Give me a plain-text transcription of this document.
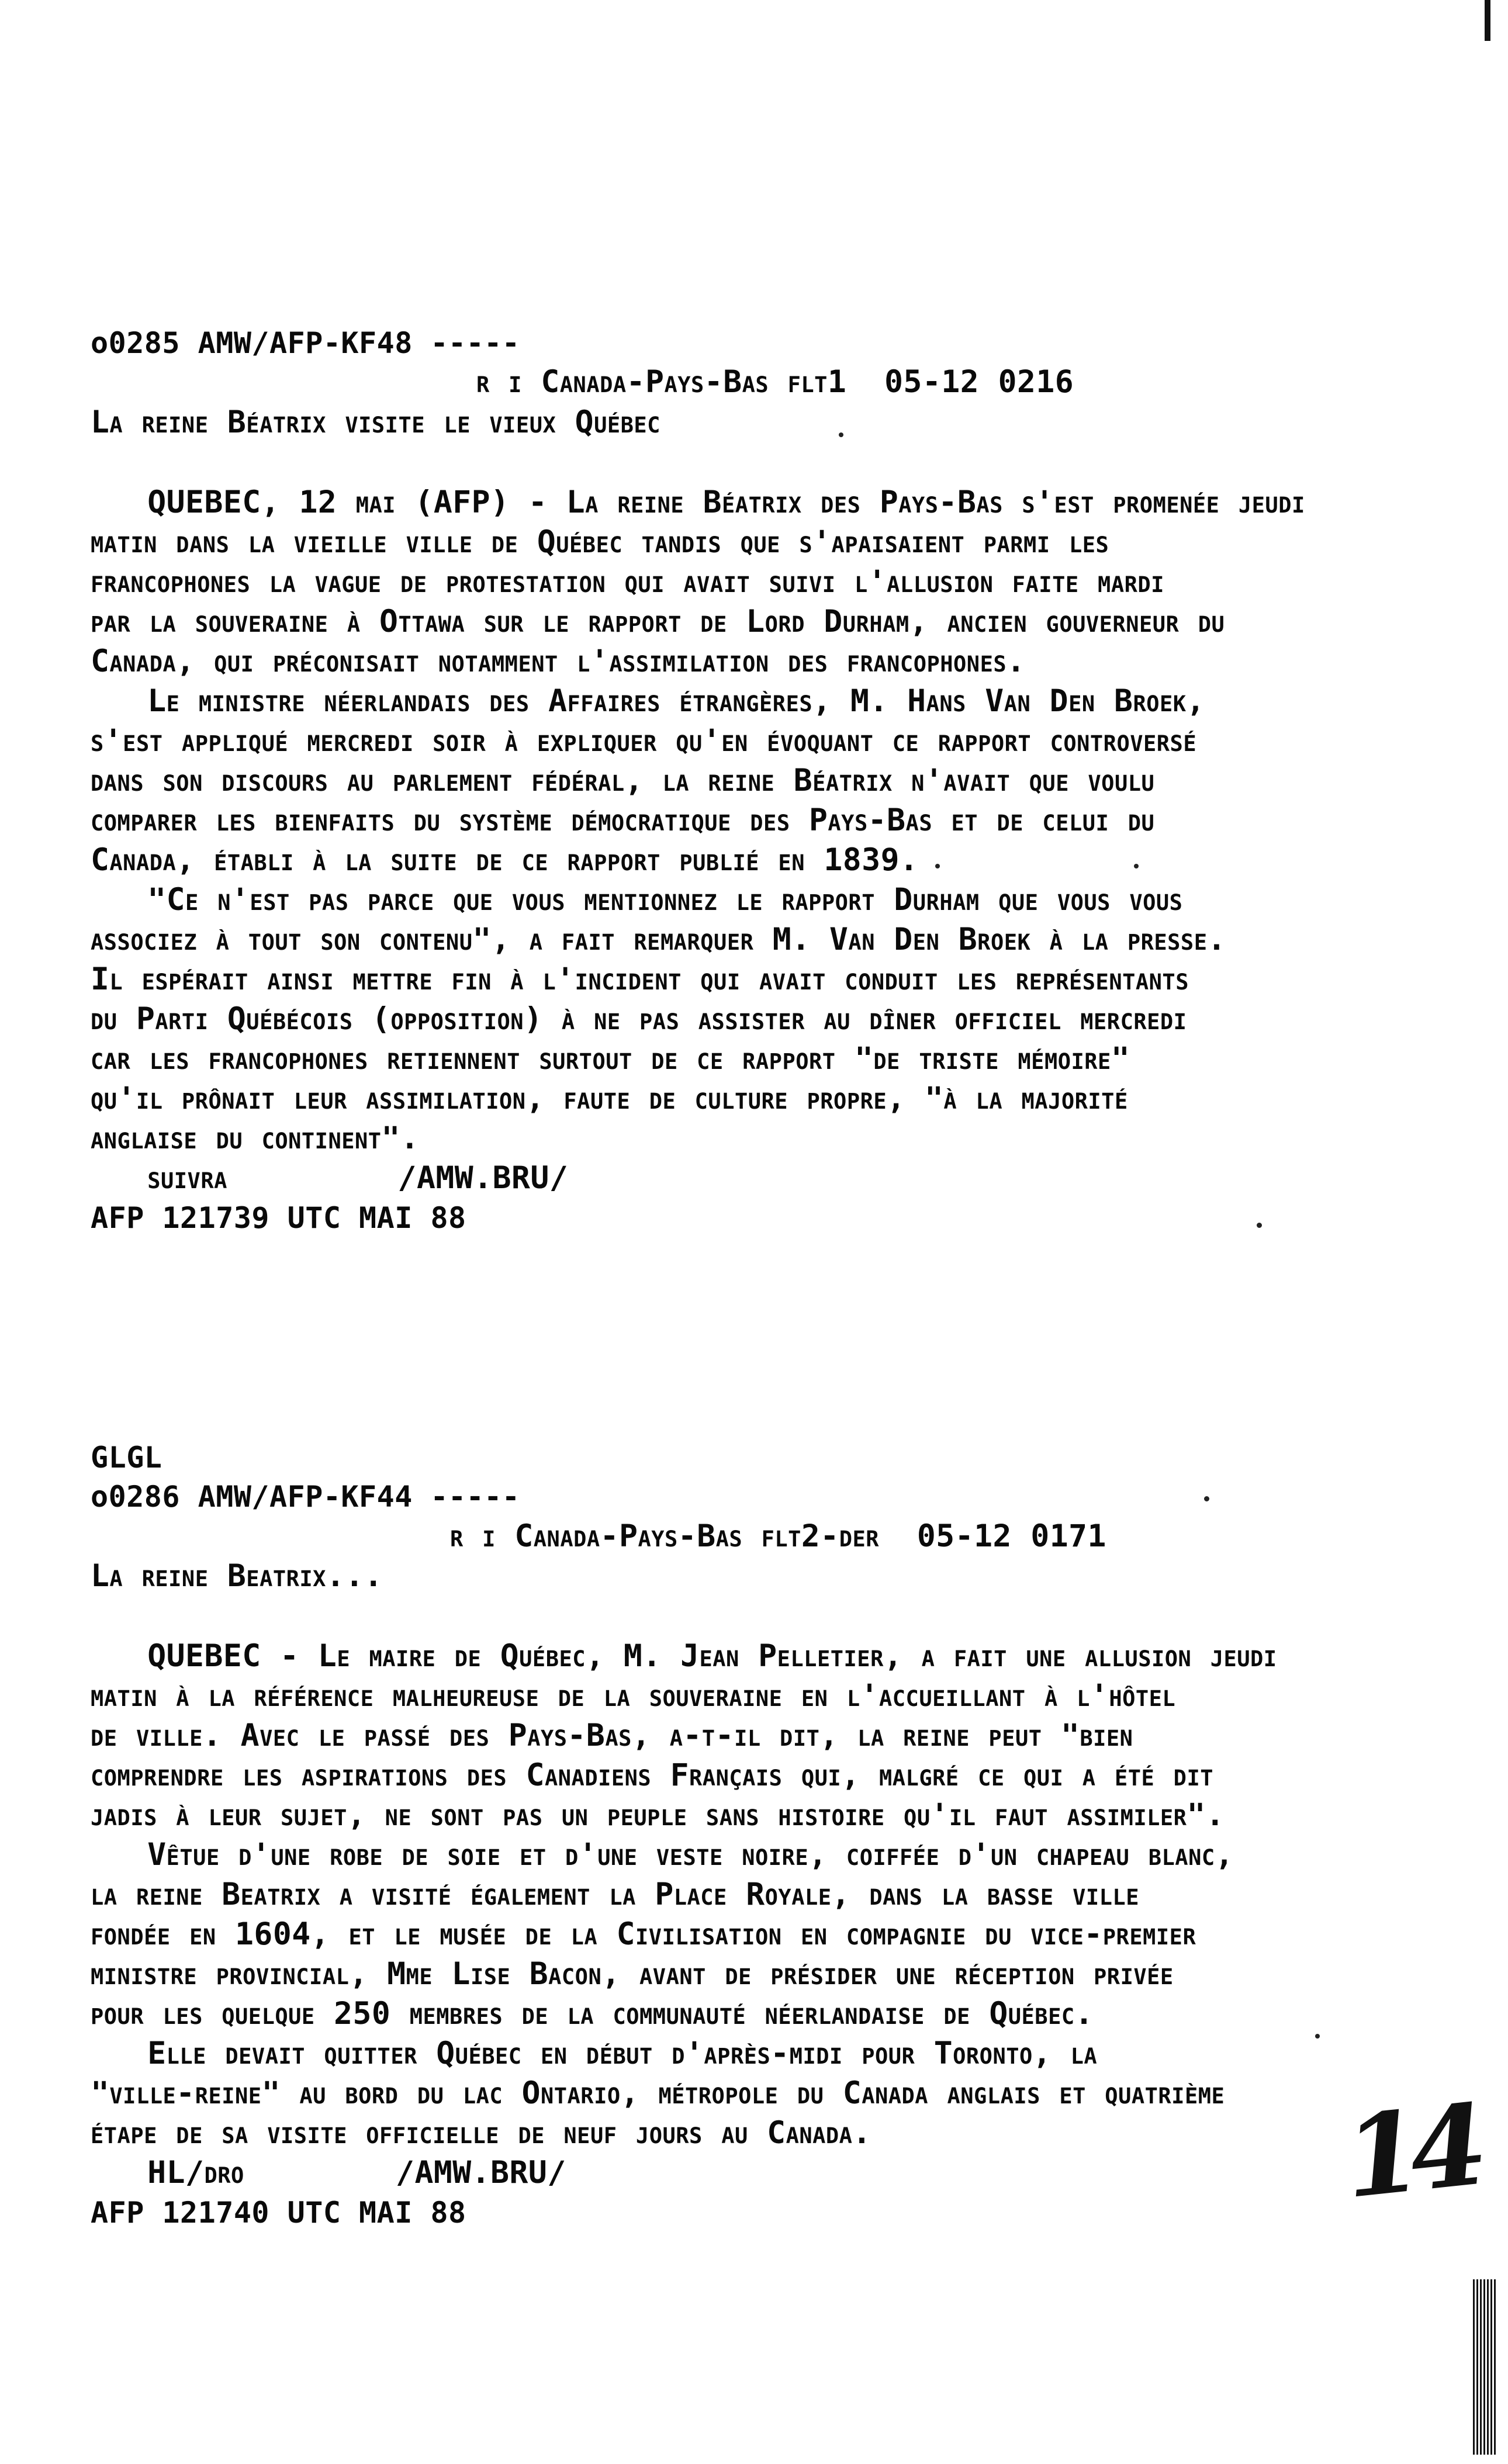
o0285 AMW/AFP-KF48 -----
r i Canada-Pays-Bas flt1  05-12 0216
La reine Béatrix visite le vieux Québec
QUEBEC, 12 mai (AFP) - La reine Béatrix des Pays-Bas s'est promenée jeudi
matin dans la vieille ville de Québec tandis que s'apaisaient parmi les
francophones la vague de protestation qui avait suivi l'allusion faite mardi
par la souveraine à Ottawa sur le rapport de Lord Durham, ancien gouverneur du
Canada, qui préconisait notamment l'assimilation des francophones.
Le ministre néerlandais des Affaires étrangères, M. Hans Van Den Broek,
s'est appliqué mercredi soir à expliquer qu'en évoquant ce rapport controversé
dans son discours au parlement fédéral, la reine Béatrix n'avait que voulu
comparer les bienfaits du système démocratique des Pays-Bas et de celui du
Canada, établi à la suite de ce rapport publié en 1839.
"Ce n'est pas parce que vous mentionnez le rapport Durham que vous vous
associez à tout son contenu", a fait remarquer M. Van Den Broek à la presse.
Il espérait ainsi mettre fin à l'incident qui avait conduit les représentants
du Parti Québécois (opposition) à ne pas assister au dîner officiel mercredi
car les francophones retiennent surtout de ce rapport "de triste mémoire"
qu'il prônait leur assimilation, faute de culture propre, "à la majorité
anglaise du continent".
suivra         /AMW.BRU/
AFP 121739 UTC MAI 88
GLGL
o0286 AMW/AFP-KF44 -----
r i Canada-Pays-Bas flt2-der  05-12 0171
La reine Beatrix...
QUEBEC - Le maire de Québec, M. Jean Pelletier, a fait une allusion jeudi
matin à la référence malheureuse de la souveraine en l'accueillant à l'hôtel
de ville. Avec le passé des Pays-Bas, a-t-il dit, la reine peut "bien
comprendre les aspirations des Canadiens Français qui, malgré ce qui a été dit
jadis à leur sujet, ne sont pas un peuple sans histoire qu'il faut assimiler".
Vêtue d'une robe de soie et d'une veste noire, coiffée d'un chapeau blanc,
la reine Beatrix a visité également la Place Royale, dans la basse ville
fondée en 1604, et le musée de la Civilisation en compagnie du vice-premier
ministre provincial, Mme Lise Bacon, avant de présider une réception privée
pour les quelque 250 membres de la communauté néerlandaise de Québec.
Elle devait quitter Québec en début d'après-midi pour Toronto, la
"ville-reine" au bord du lac Ontario, métropole du Canada anglais et quatrième
étape de sa visite officielle de neuf jours au Canada.
HL/dro        /AMW.BRU/
AFP 121740 UTC MAI 88	14
